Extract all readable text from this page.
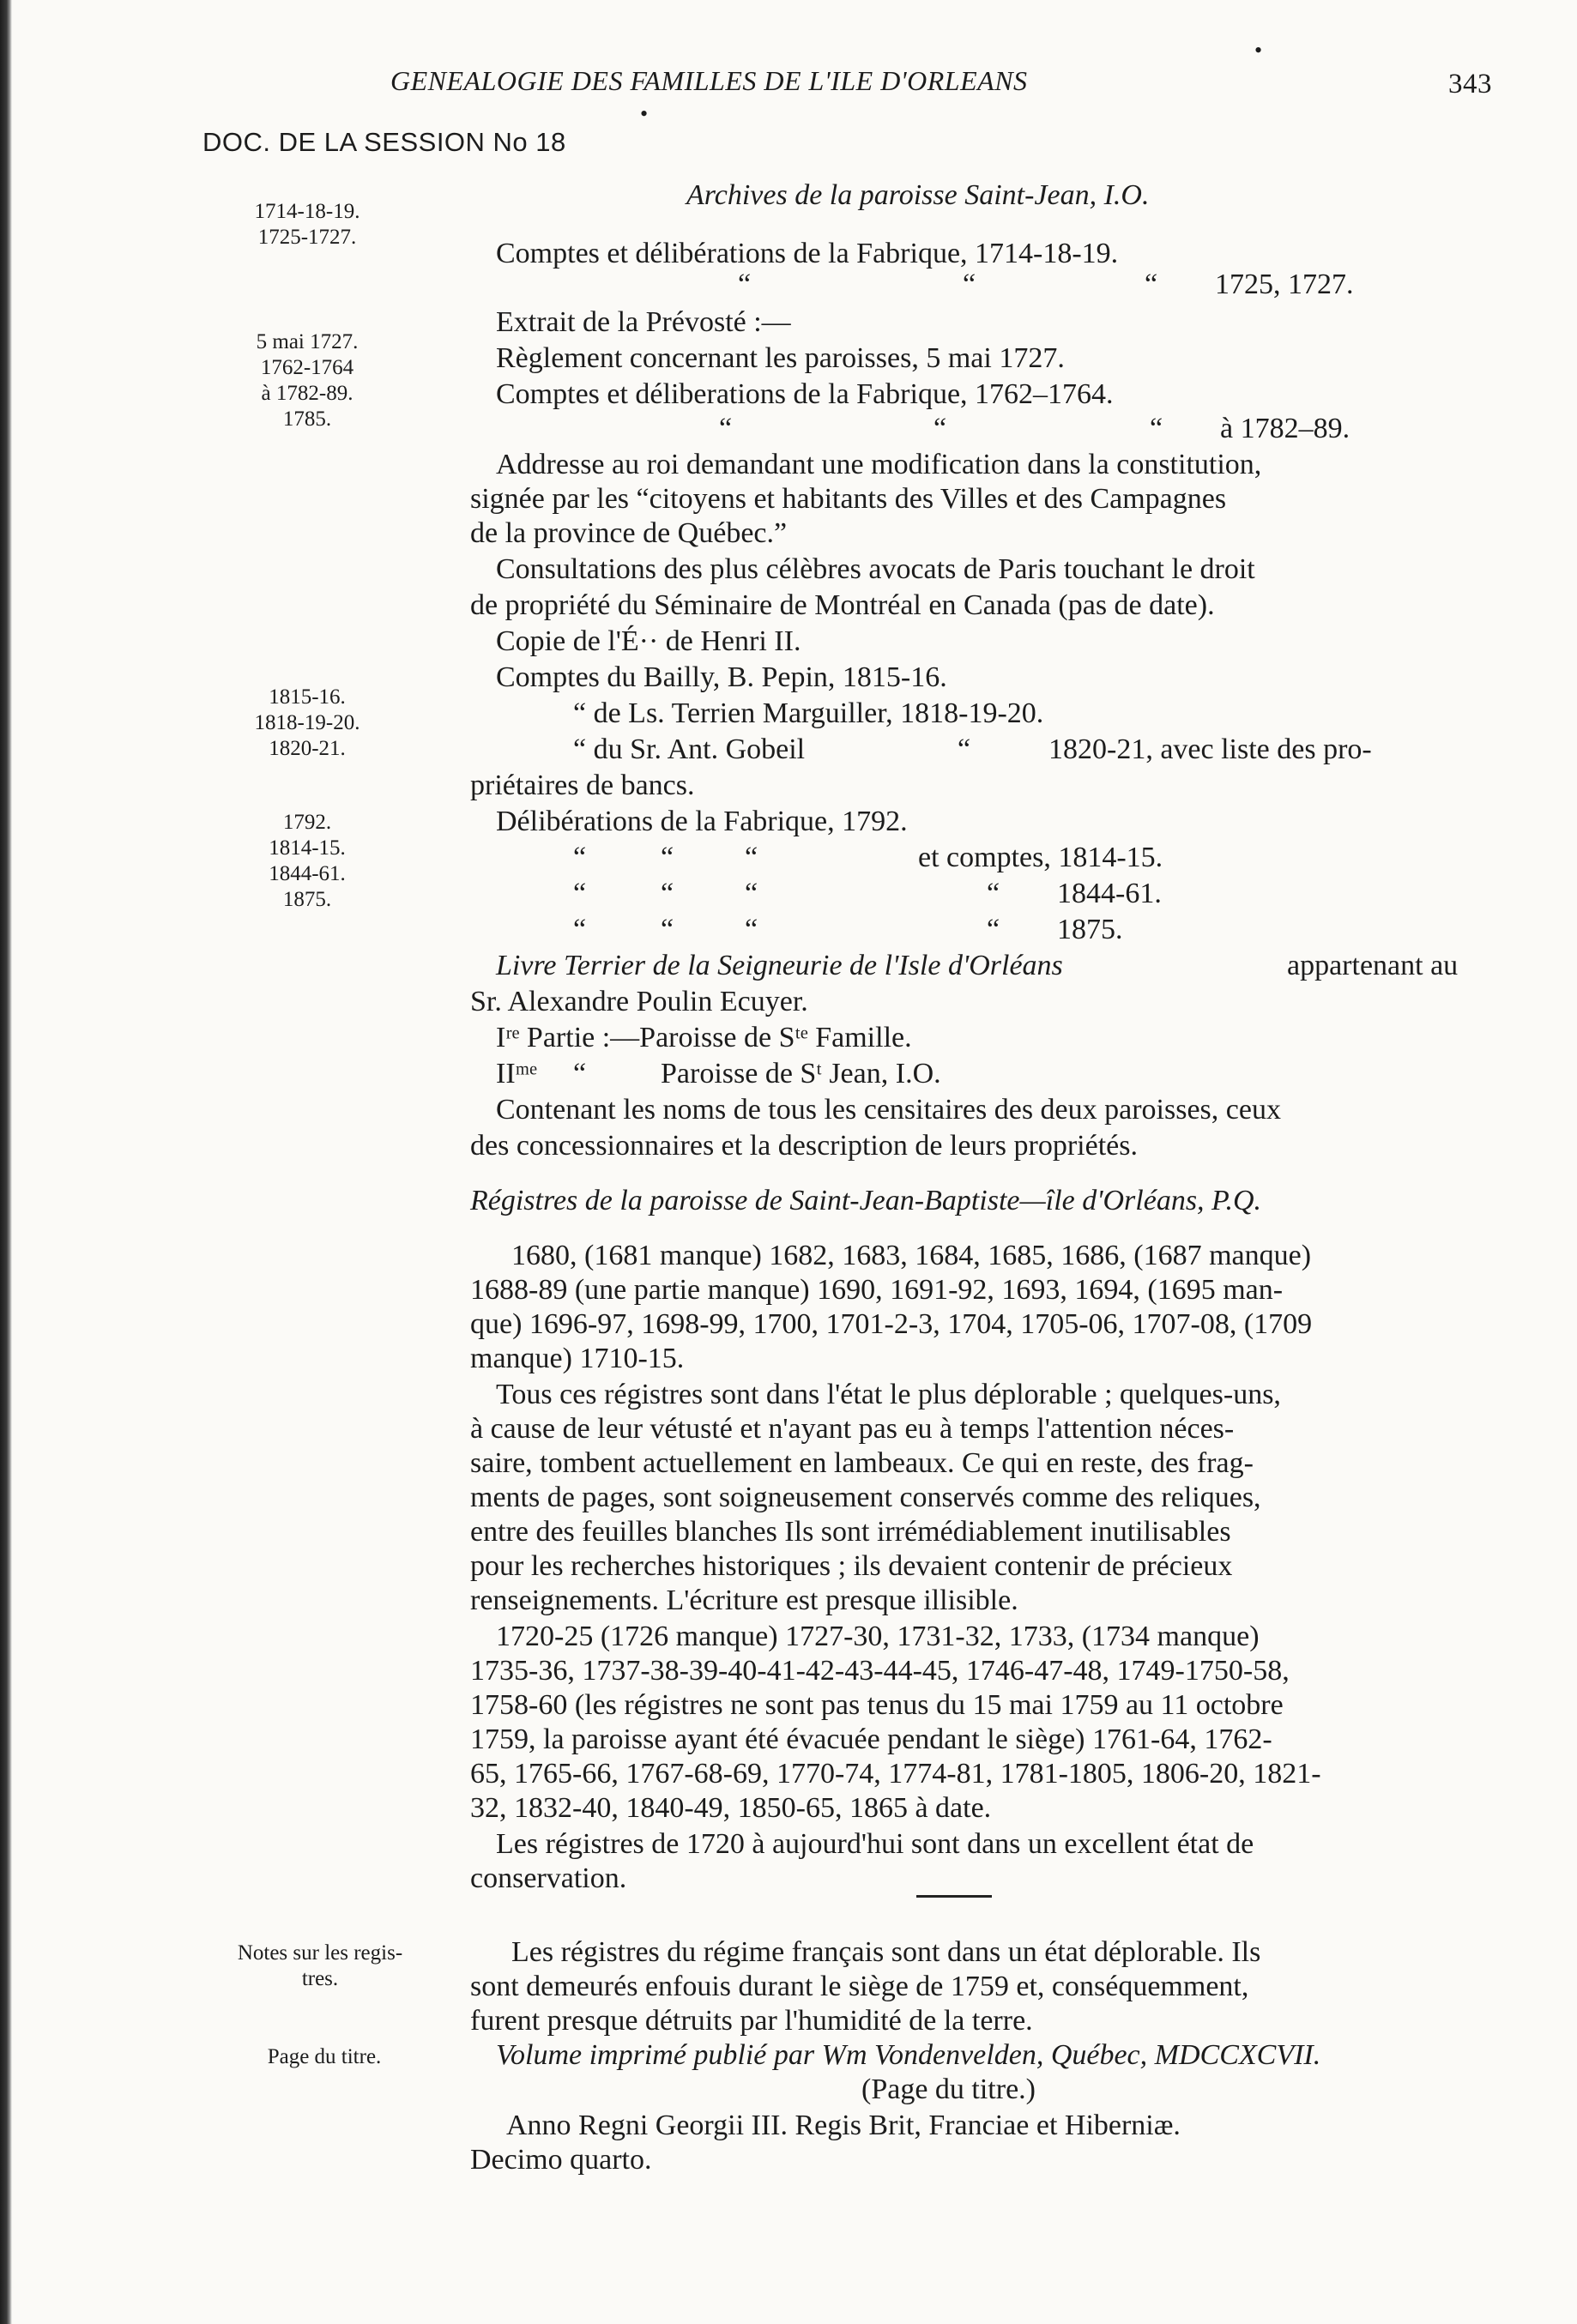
GENEALOGIE DES FAMILLES DE L'ILE D'ORLEANS	343
DOC. DE LA SESSION No 18
•
•
1714-18-19.
1725-1727.
5 mai 1727.
1762-1764
à 1782-89.
1785.
1815-16.
1818-19-20.
1820-21.
1792.
1814-15.
1844-61.
1875.
Notes sur les regis-
tres.
Page du titre.
Archives de la paroisse Saint-Jean, I.O.
Comptes et délibérations de la Fabrique, 1714-18-19.
“	“	“ 1725, 1727.
Extrait de la Prévosté :—
Règlement concernant les paroisses, 5 mai 1727.
Comptes et déliberations de la Fabrique, 1762–1764.
“	“	“ à 1782–89.
Addresse au roi demandant une modification dans la constitution,
signée par les “citoyens et habitants des Villes et des Campagnes
de la province de Québec.”
Consultations des plus célèbres avocats de Paris touchant le droit
de propriété du Séminaire de Montréal en Canada (pas de date).
Copie de l'É·· de Henri II.
Comptes du Bailly, B. Pepin, 1815-16.
“ de Ls. Terrien Marguiller, 1818-19-20.
“ du Sr. Ant. Gobeil	“	1820-21, avec liste des pro-
priétaires de bancs.
Délibérations de la Fabrique, 1792.
“	“ “	et comptes, 1814-15.
“	“ “	“ 1844-61.
“	“ “	“ 1875.
Livre Terrier de la Seigneurie de l'Isle d'Orléans	appartenant au
Sr. Alexandre Poulin Ecuyer.
Iʳᵉ Partie :—Paroisse de Sᵗᵉ Famille.
IIᵐᵉ “	Paroisse de Sᵗ Jean, I.O.
Contenant les noms de tous les censitaires des deux paroisses, ceux
des concessionnaires et la description de leurs propriétés.
Régistres de la paroisse de Saint-Jean-Baptiste—île d'Orléans, P.Q.
1680, (1681 manque) 1682, 1683, 1684, 1685, 1686, (1687 manque)
1688-89 (une partie manque) 1690, 1691-92, 1693, 1694, (1695 man-
que) 1696-97, 1698-99, 1700, 1701-2-3, 1704, 1705-06, 1707-08, (1709
manque) 1710-15.
Tous ces régistres sont dans l'état le plus déplorable ; quelques-uns,
à cause de leur vétusté et n'ayant pas eu à temps l'attention néces-
saire, tombent actuellement en lambeaux. Ce qui en reste, des frag-
ments de pages, sont soigneusement conservés comme des reliques,
entre des feuilles blanches Ils sont irrémédiablement inutilisables
pour les recherches historiques ; ils devaient contenir de précieux
renseignements. L'écriture est presque illisible.
1720-25 (1726 manque) 1727-30, 1731-32, 1733, (1734 manque)
1735-36, 1737-38-39-40-41-42-43-44-45, 1746-47-48, 1749-1750-58,
1758-60 (les régistres ne sont pas tenus du 15 mai 1759 au 11 octobre
1759, la paroisse ayant été évacuée pendant le siège) 1761-64, 1762-
65, 1765-66, 1767-68-69, 1770-74, 1774-81, 1781-1805, 1806-20, 1821-
32, 1832-40, 1840-49, 1850-65, 1865 à date.
Les régistres de 1720 à aujourd'hui sont dans un excellent état de
conservation.
Les régistres du régime français sont dans un état déplorable. Ils
sont demeurés enfouis durant le siège de 1759 et, conséquemment,
furent presque détruits par l'humidité de la terre.
Volume imprimé publié par Wm Vondenvelden, Québec, MDCCXCVII.
(Page du titre.)
Anno Regni Georgii III. Regis Brit, Franciae et Hiberniæ.
Decimo quarto.
